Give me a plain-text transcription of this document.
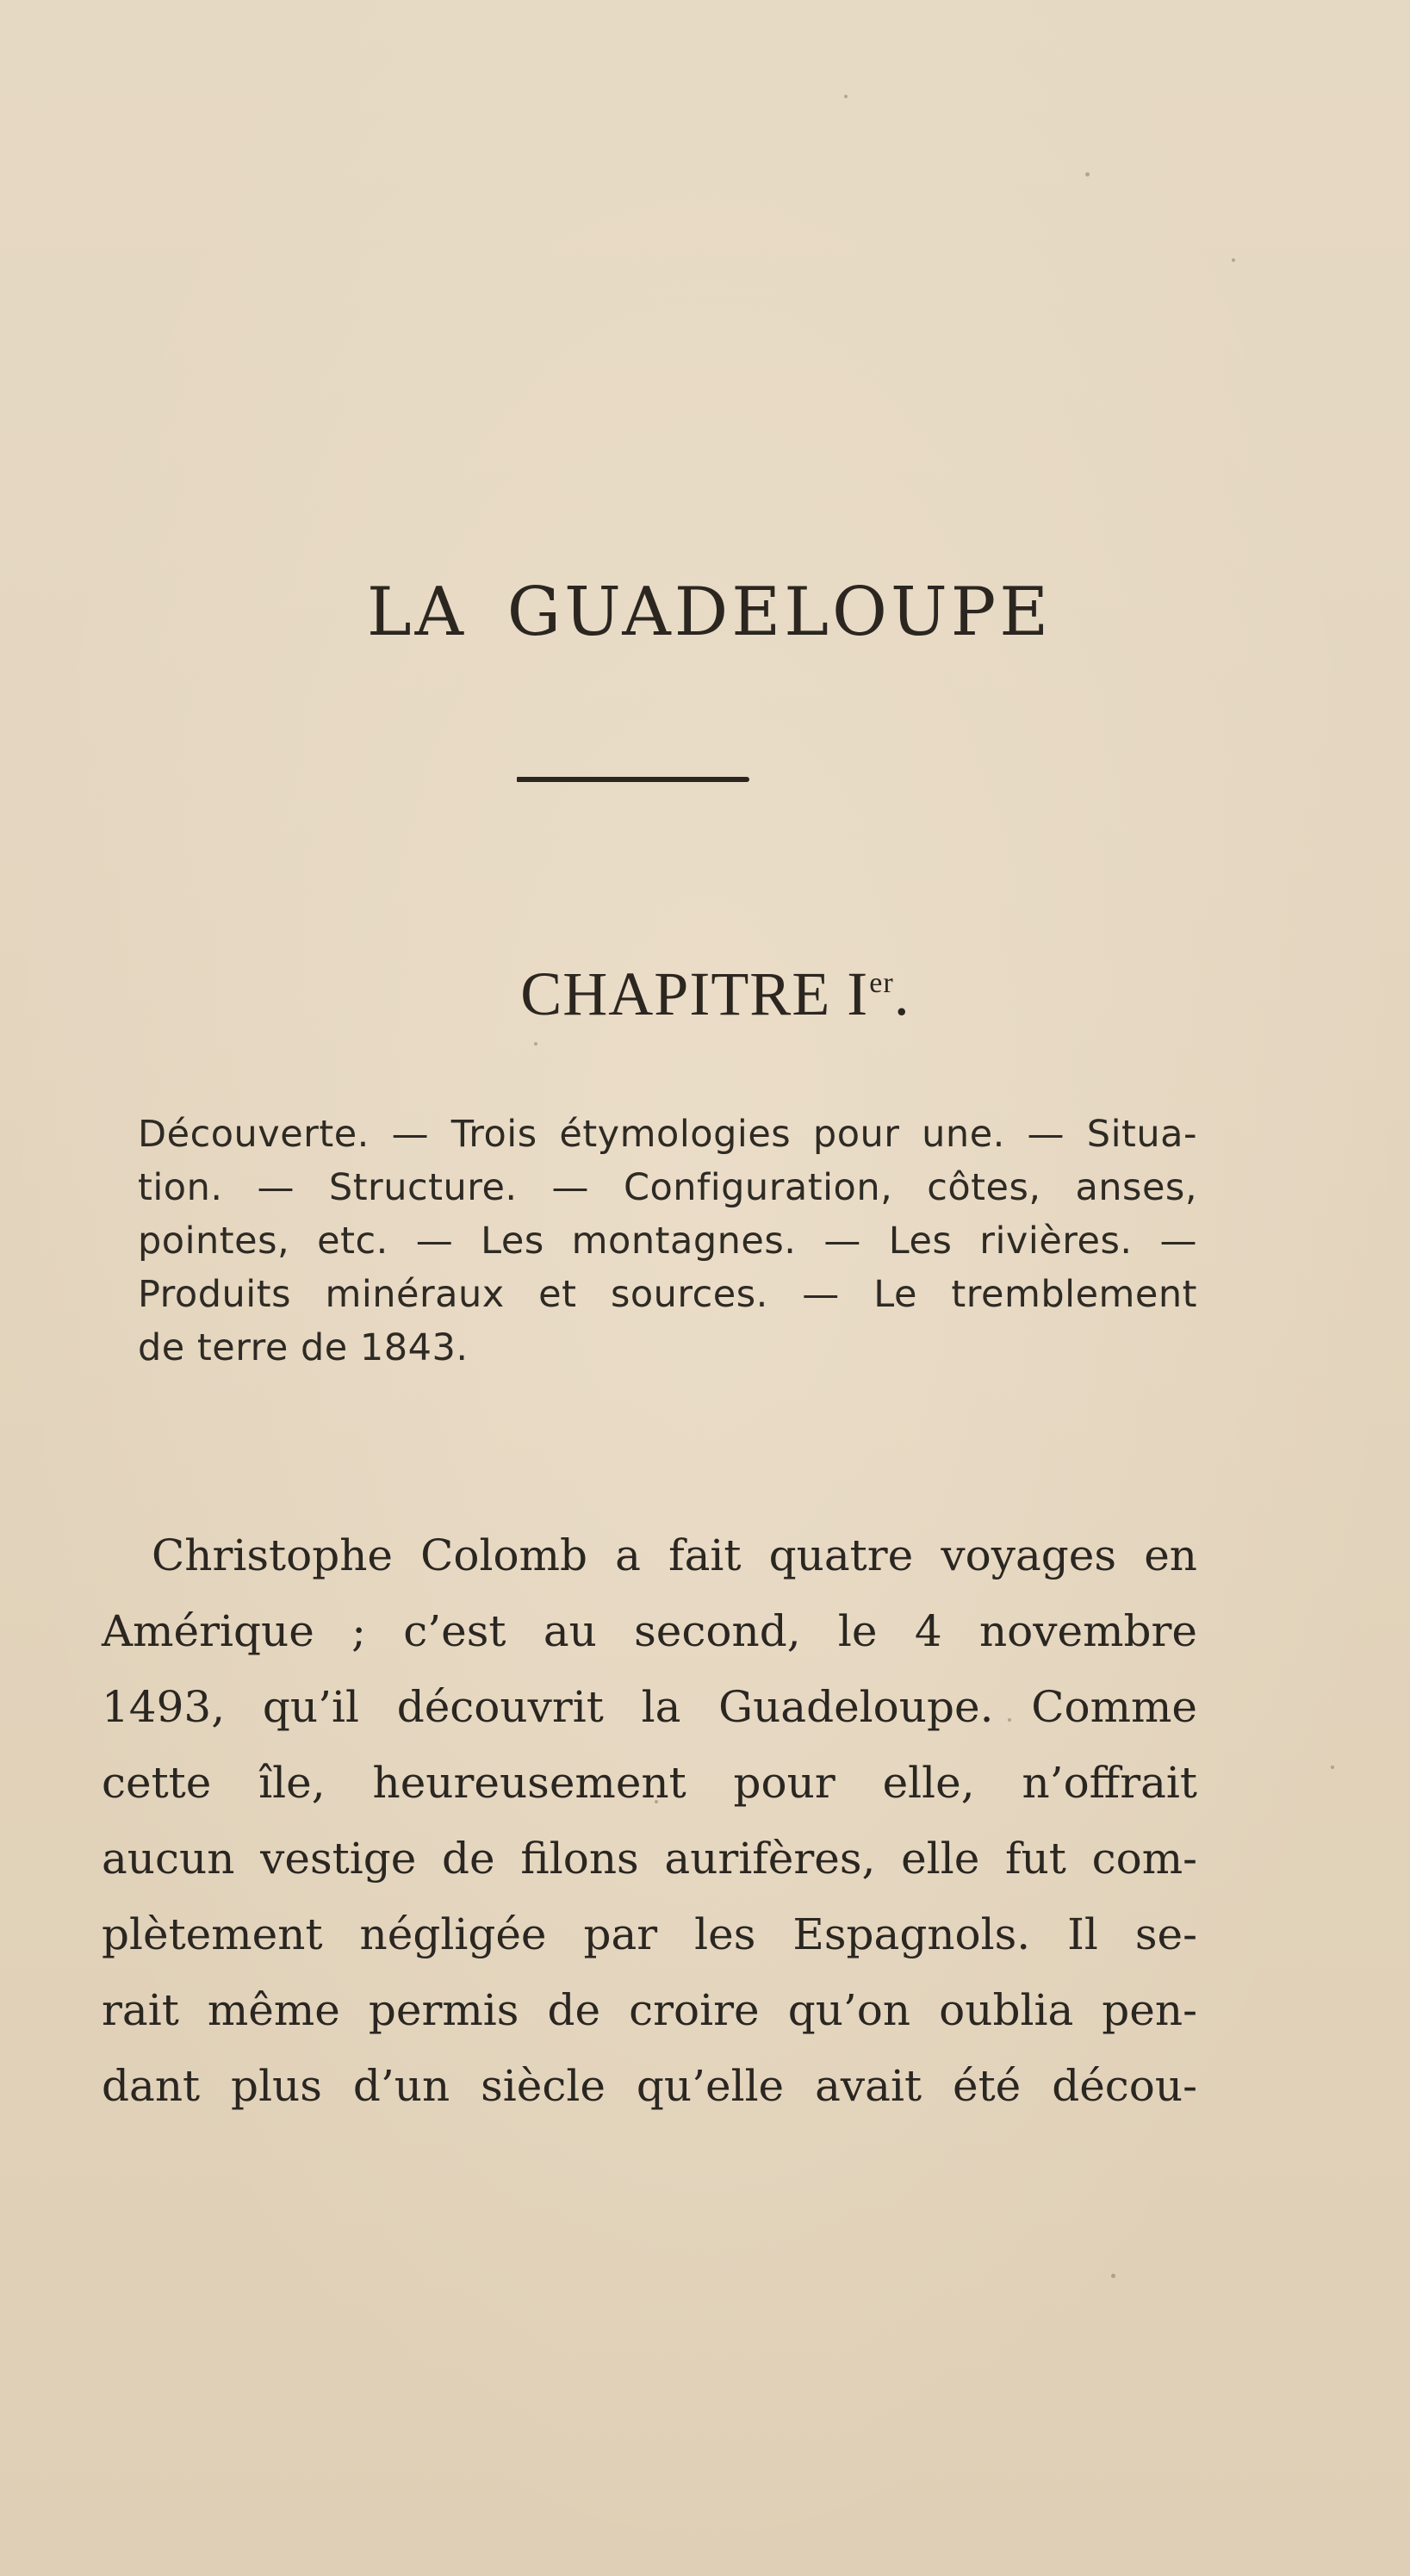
LA GUADELOUPE
CHAPITRE Ier.
Découverte. — Trois étymologies pour une. — Situa-
tion. — Structure. — Configuration, côtes, anses,
pointes, etc. — Les montagnes. — Les rivières. —
Produits minéraux et sources. — Le tremblement
de terre de 1843.
Christophe Colomb a fait quatre voyages en
Amérique ; c’est au second, le 4 novembre
1493, qu’il découvrit la Guadeloupe. Comme
cette île, heureusement pour elle, n’offrait
aucun vestige de filons aurifères, elle fut com-
plètement négligée par les Espagnols. Il se-
rait même permis de croire qu’on oublia pen-
dant plus d’un siècle qu’elle avait été décou-
